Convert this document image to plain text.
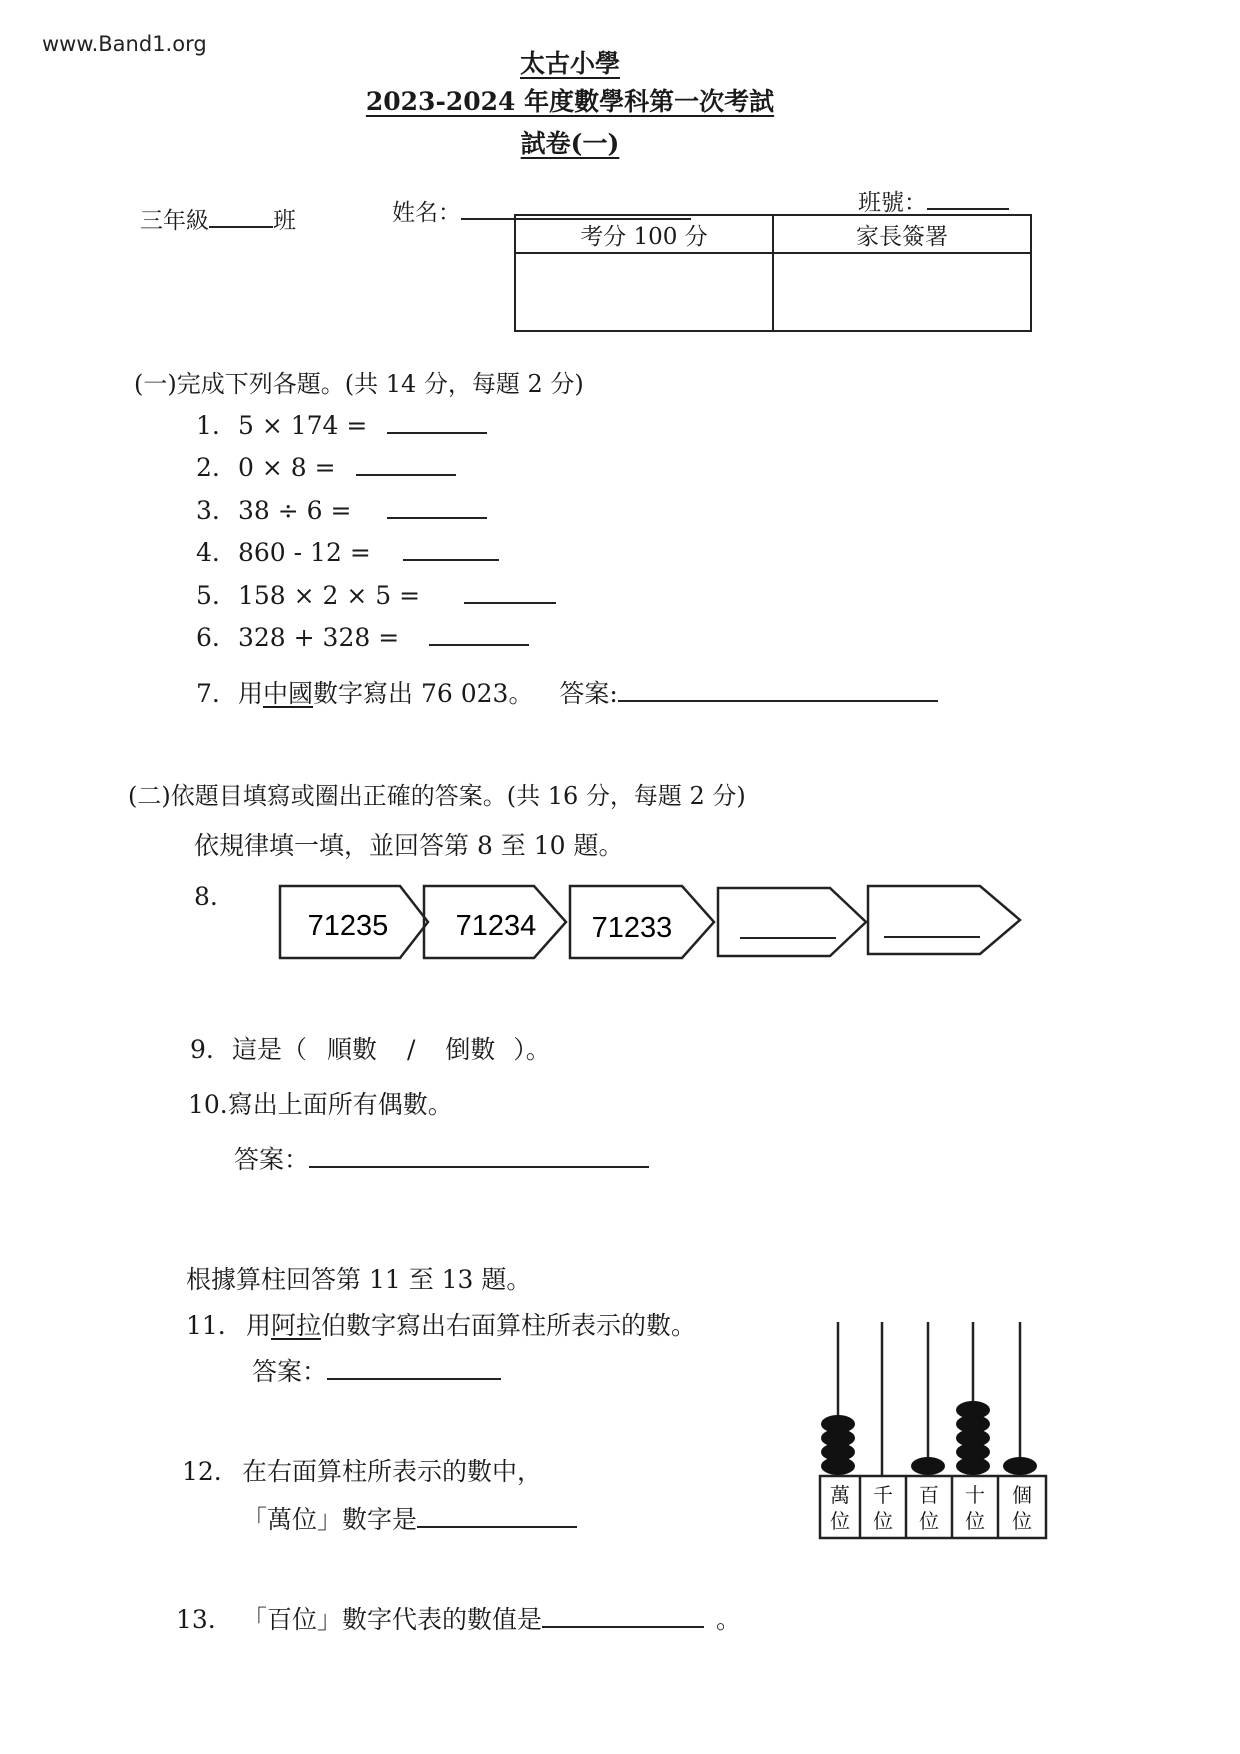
www.Band1.org
太古小學
2023-2024 年度數學科第一次考試
試卷(一)
三年級	班	姓名：	班號：
考分 100 分	家長簽署

(一)完成下列各題。(共 14 分，每題 2 分)
1. 5 × 174 =
2. 0 × 8 =
3. 38 ÷ 6 =
4. 860 - 12 =
5. 158 × 2 × 5 =
6. 328 + 328 =
7. 用中國數字寫出 76 023。 答案:
(二)依題目填寫或圈出正確的答案。(共 16 分，每題 2 分)
依規律填一填，並回答第 8 至 10 題。
8.
71235 71234 71233
萬
位
千
位
百
位
十
位
個
位
9. 這是（ 順數 / 倒數 ）。
10.寫出上面所有偶數。
答案：
根據算柱回答第 11 至 13 題。
11. 用阿拉伯數字寫出右面算柱所表示的數。
答案：
12. 在右面算柱所表示的數中，
「萬位」數字是
13. 「百位」數字代表的數值是	。
